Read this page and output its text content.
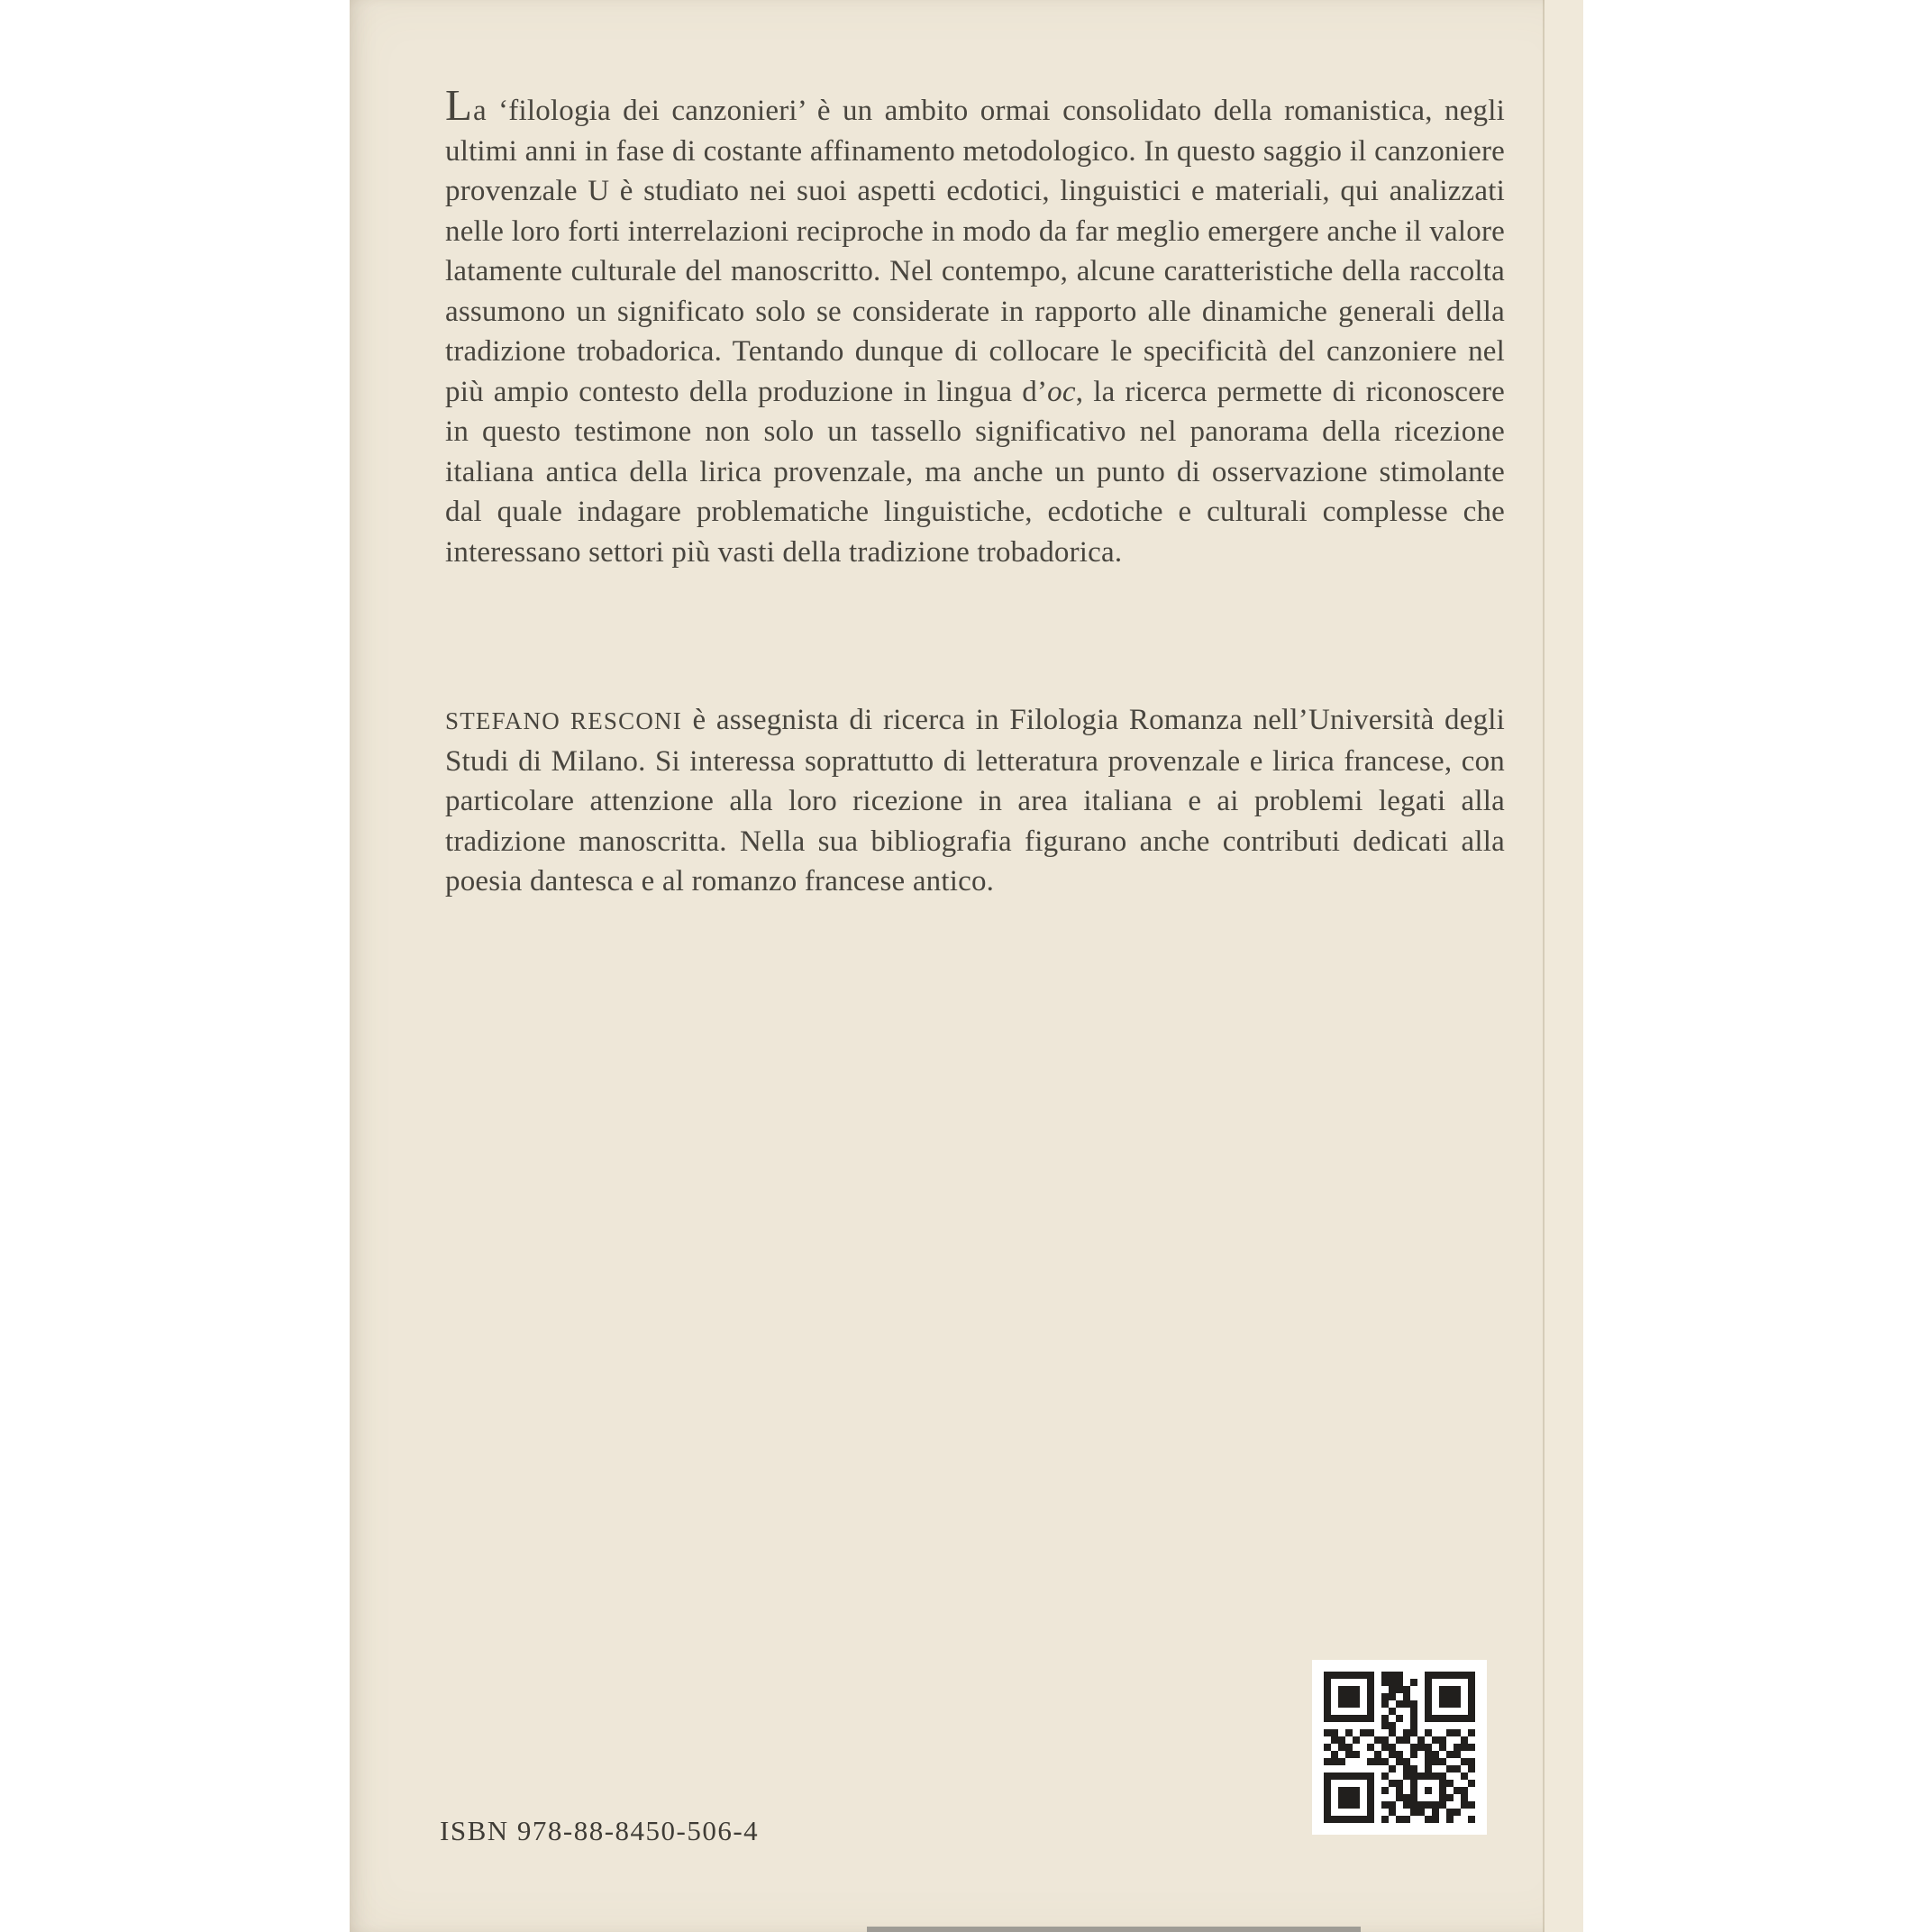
La ‘filologia dei canzonieri’ è un ambito ormai consolidato della romanistica, negli ultimi anni in fase di costante affinamento metodologico. In questo saggio il canzoniere provenzale U è studiato nei suoi aspetti ecdotici, linguistici e materiali, qui analizzati nelle loro forti interrelazioni reciproche in modo da far meglio emergere anche il valore latamente culturale del manoscritto. Nel contempo, alcune caratteristiche della raccolta assumono un significato solo se considerate in rapporto alle dinamiche generali della tradizione trobadorica. Tentando dunque di collocare le specificità del canzoniere nel più ampio contesto della produzione in lingua d’oc, la ricerca permette di riconoscere in questo testimone non solo un tassello significativo nel panorama della ricezione italiana antica della lirica provenzale, ma anche un punto di osservazione stimolante dal quale indagare problematiche linguistiche, ecdotiche e culturali complesse che interessano settori più vasti della tradizione trobadorica.

STEFANO RESCONI è assegnista di ricerca in Filologia Romanza nell’Università degli Studi di Milano. Si interessa soprattutto di letteratura provenzale e lirica francese, con particolare attenzione alla loro ricezione in area italiana e ai problemi legati alla tradizione manoscritta. Nella sua bibliografia figurano anche contributi dedicati alla poesia dantesca e al romanzo francese antico.

ISBN 978-88-8450-506-4
